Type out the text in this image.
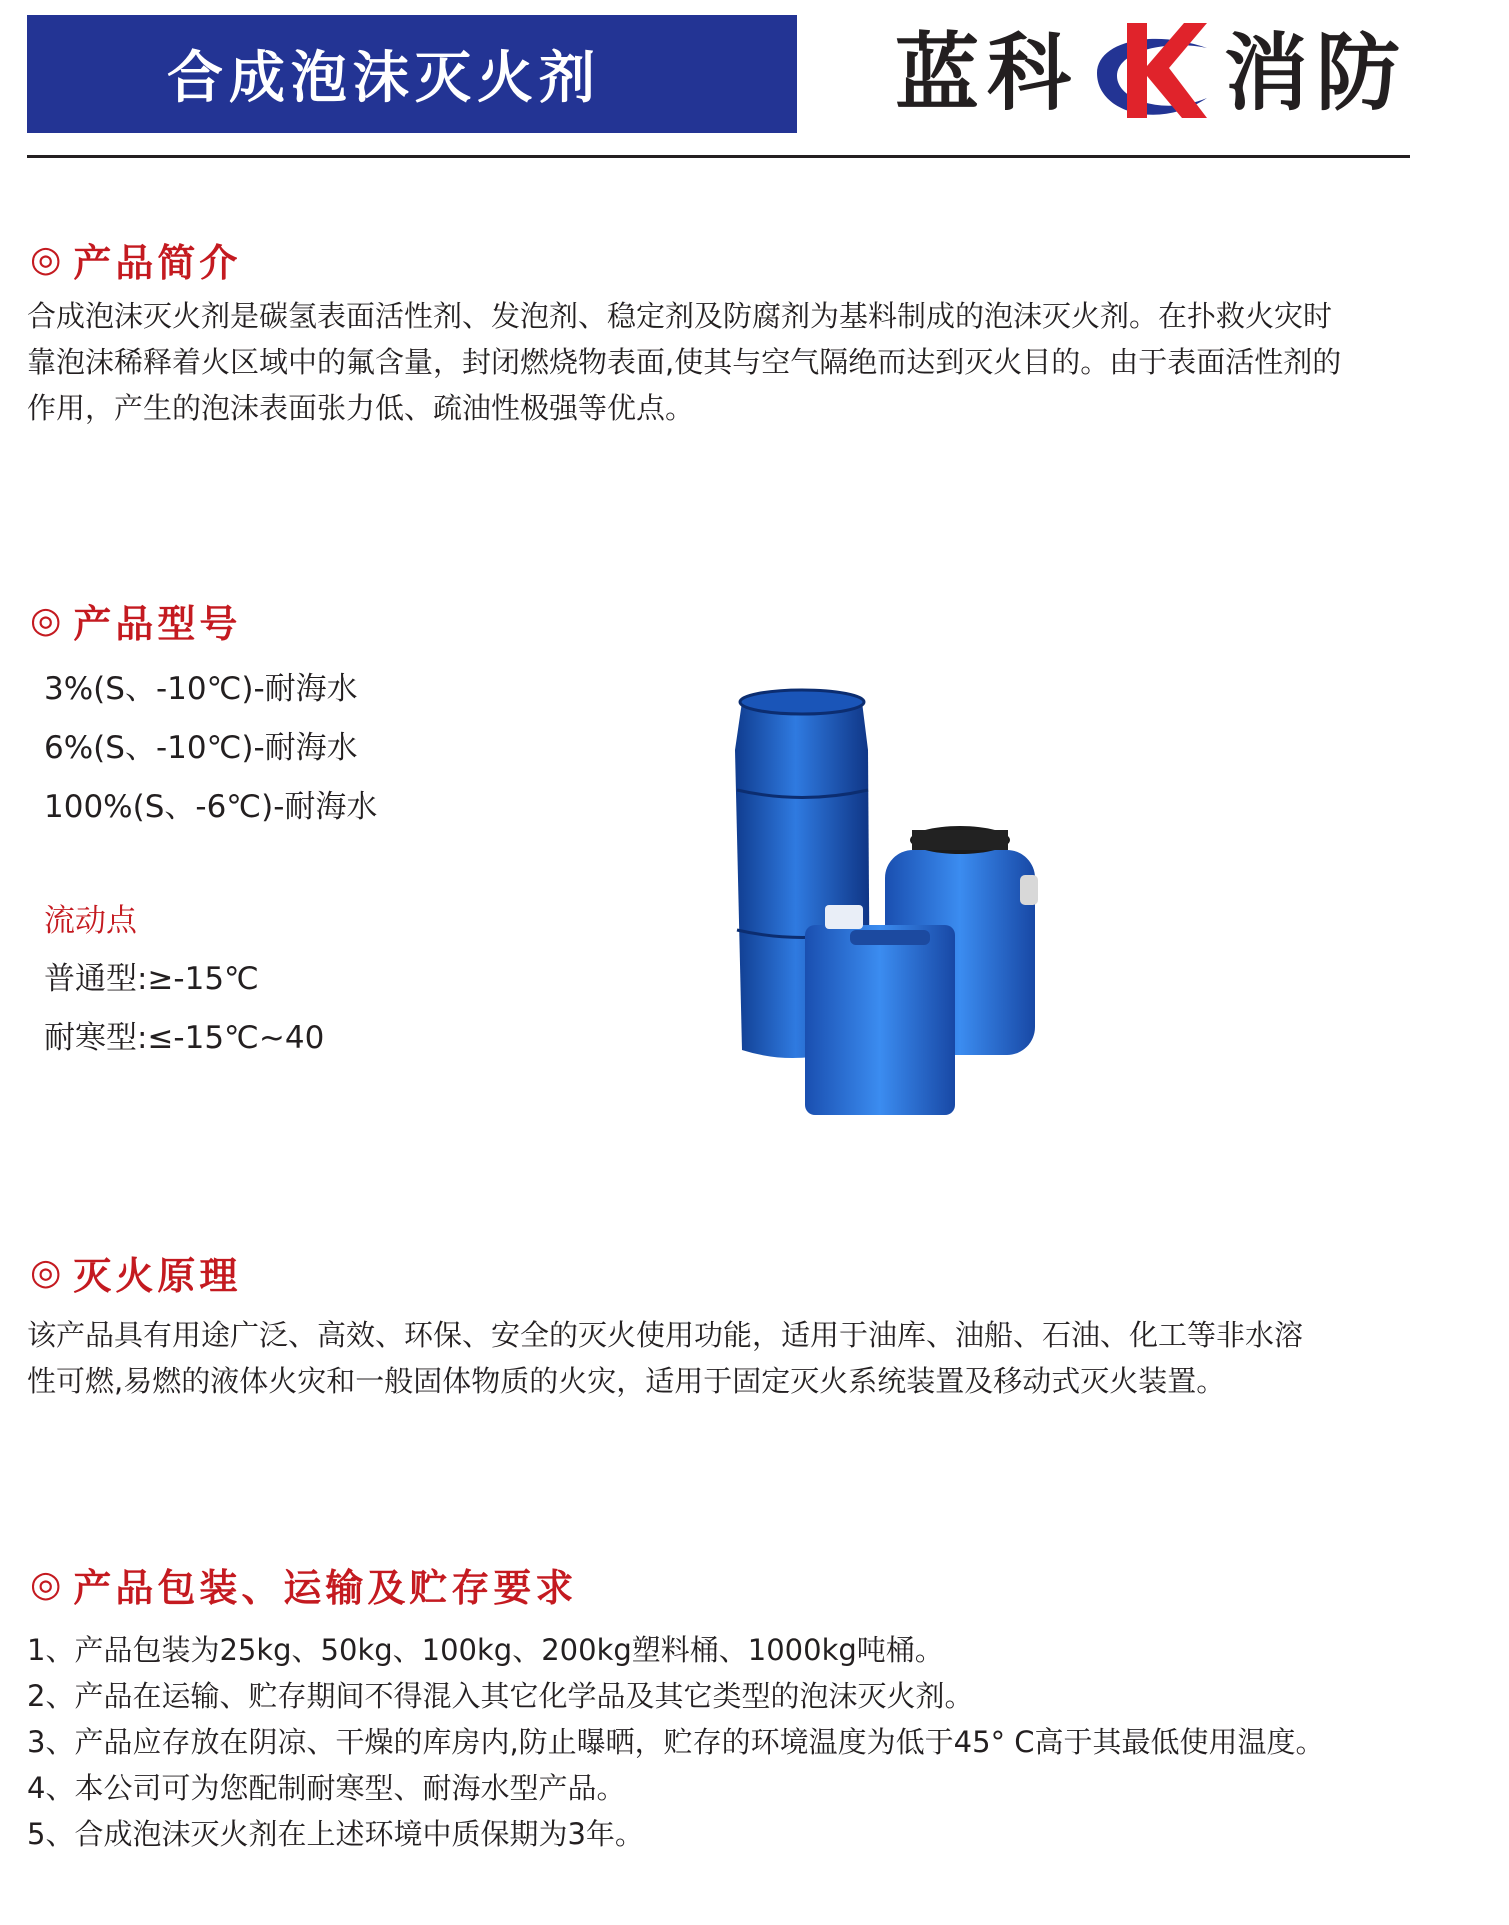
合成泡沫灭火剂	蓝科 消防
◎ 产品简介
合成泡沫灭火剂是碳氢表面活性剂、发泡剂、稳定剂及防腐剂为基料制成的泡沫灭火剂。在扑救火灾时
靠泡沫稀释着火区域中的氟含量，封闭燃烧物表面,使其与空气隔绝而达到灭火目的。由于表面活性剂的
作用，产生的泡沫表面张力低、疏油性极强等优点。
◎ 产品型号
3%(S、-10℃)-耐海水
6%(S、-10℃)-耐海水
100%(S、-6℃)-耐海水
流动点
普通型:≥-15℃
耐寒型:≤-15℃~40
◎ 灭火原理
该产品具有用途广泛、高效、环保、安全的灭火使用功能，适用于油库、油船、石油、化工等非水溶
性可燃,易燃的液体火灾和一般固体物质的火灾，适用于固定灭火系统装置及移动式灭火装置。
◎ 产品包装、运输及贮存要求
1、产品包装为25kg、50kg、100kg、200kg塑料桶、1000kg吨桶。
2、产品在运输、贮存期间不得混入其它化学品及其它类型的泡沫灭火剂。
3、产品应存放在阴凉、干燥的库房内,防止曝晒，贮存的环境温度为低于45° C高于其最低使用温度。
4、本公司可为您配制耐寒型、耐海水型产品。
5、合成泡沫灭火剂在上述环境中质保期为3年。
